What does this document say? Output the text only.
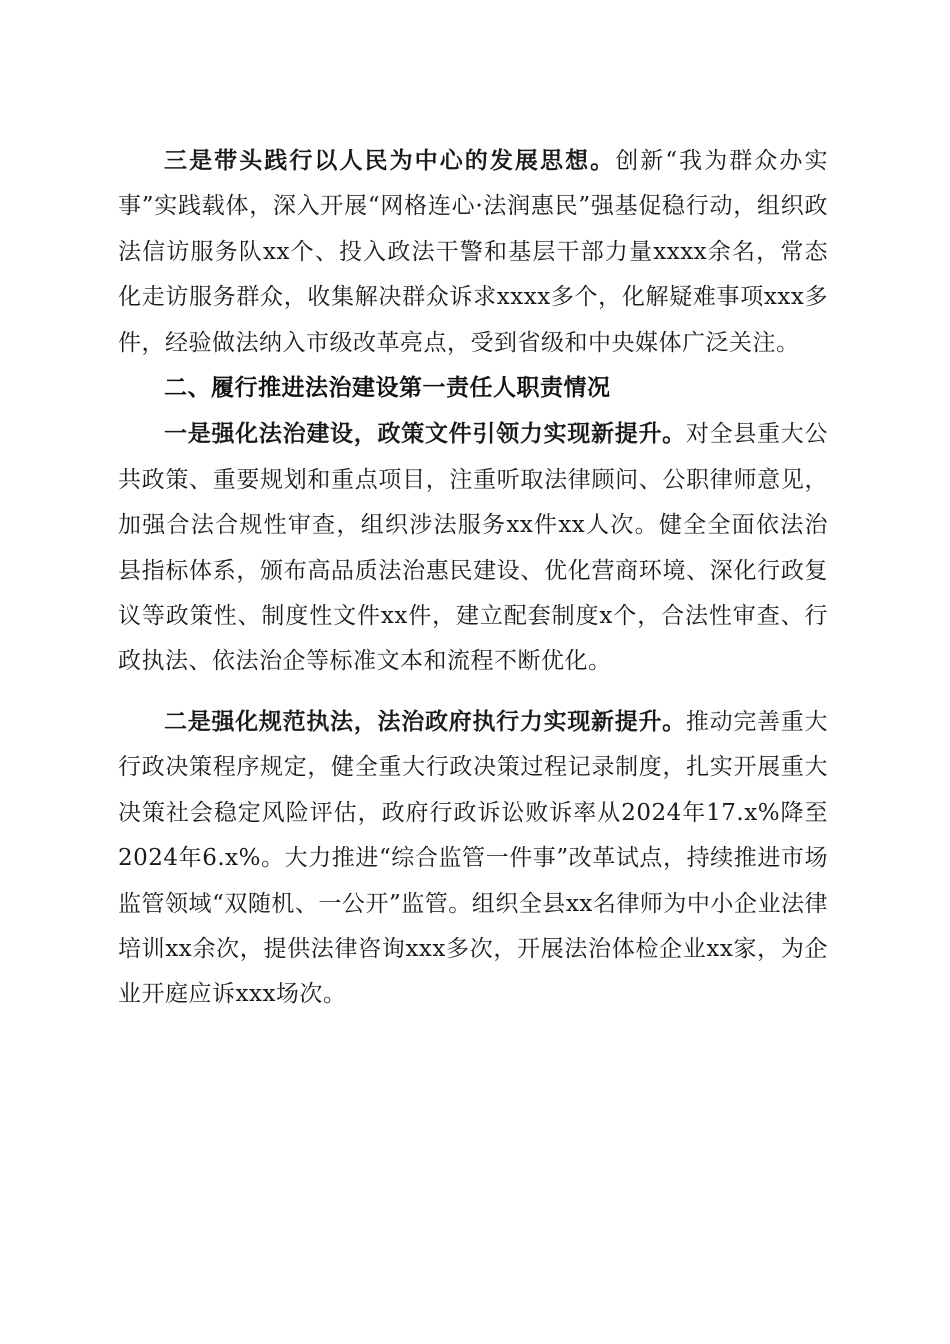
三是带头践行以人民为中心的发展思想。创新“我为群众办实事”实践载体，深入开展“网格连心·法润惠民”强基促稳行动，组织政法信访服务队xx个、投入政法干警和基层干部力量xxxx余名，常态化走访服务群众，收集解决群众诉求xxxx多个，化解疑难事项xxx多件，经验做法纳入市级改革亮点，受到省级和中央媒体广泛关注。

二、履行推进法治建设第一责任人职责情况

一是强化法治建设，政策文件引领力实现新提升。对全县重大公共政策、重要规划和重点项目，注重听取法律顾问、公职律师意见，加强合法合规性审查，组织涉法服务xx件xx人次。健全全面依法治县指标体系，颁布高品质法治惠民建设、优化营商环境、深化行政复议等政策性、制度性文件xx件，建立配套制度x个，合法性审查、行政执法、依法治企等标准文本和流程不断优化。

二是强化规范执法，法治政府执行力实现新提升。推动完善重大行政决策程序规定，健全重大行政决策过程记录制度，扎实开展重大决策社会稳定风险评估，政府行政诉讼败诉率从2024年17.x%降至2024年6.x%。大力推进“综合监管一件事”改革试点，持续推进市场监管领域“双随机、一公开”监管。组织全县xx名律师为中小企业法律培训xx余次，提供法律咨询xxx多次，开展法治体检企业xx家，为企业开庭应诉xxx场次。
